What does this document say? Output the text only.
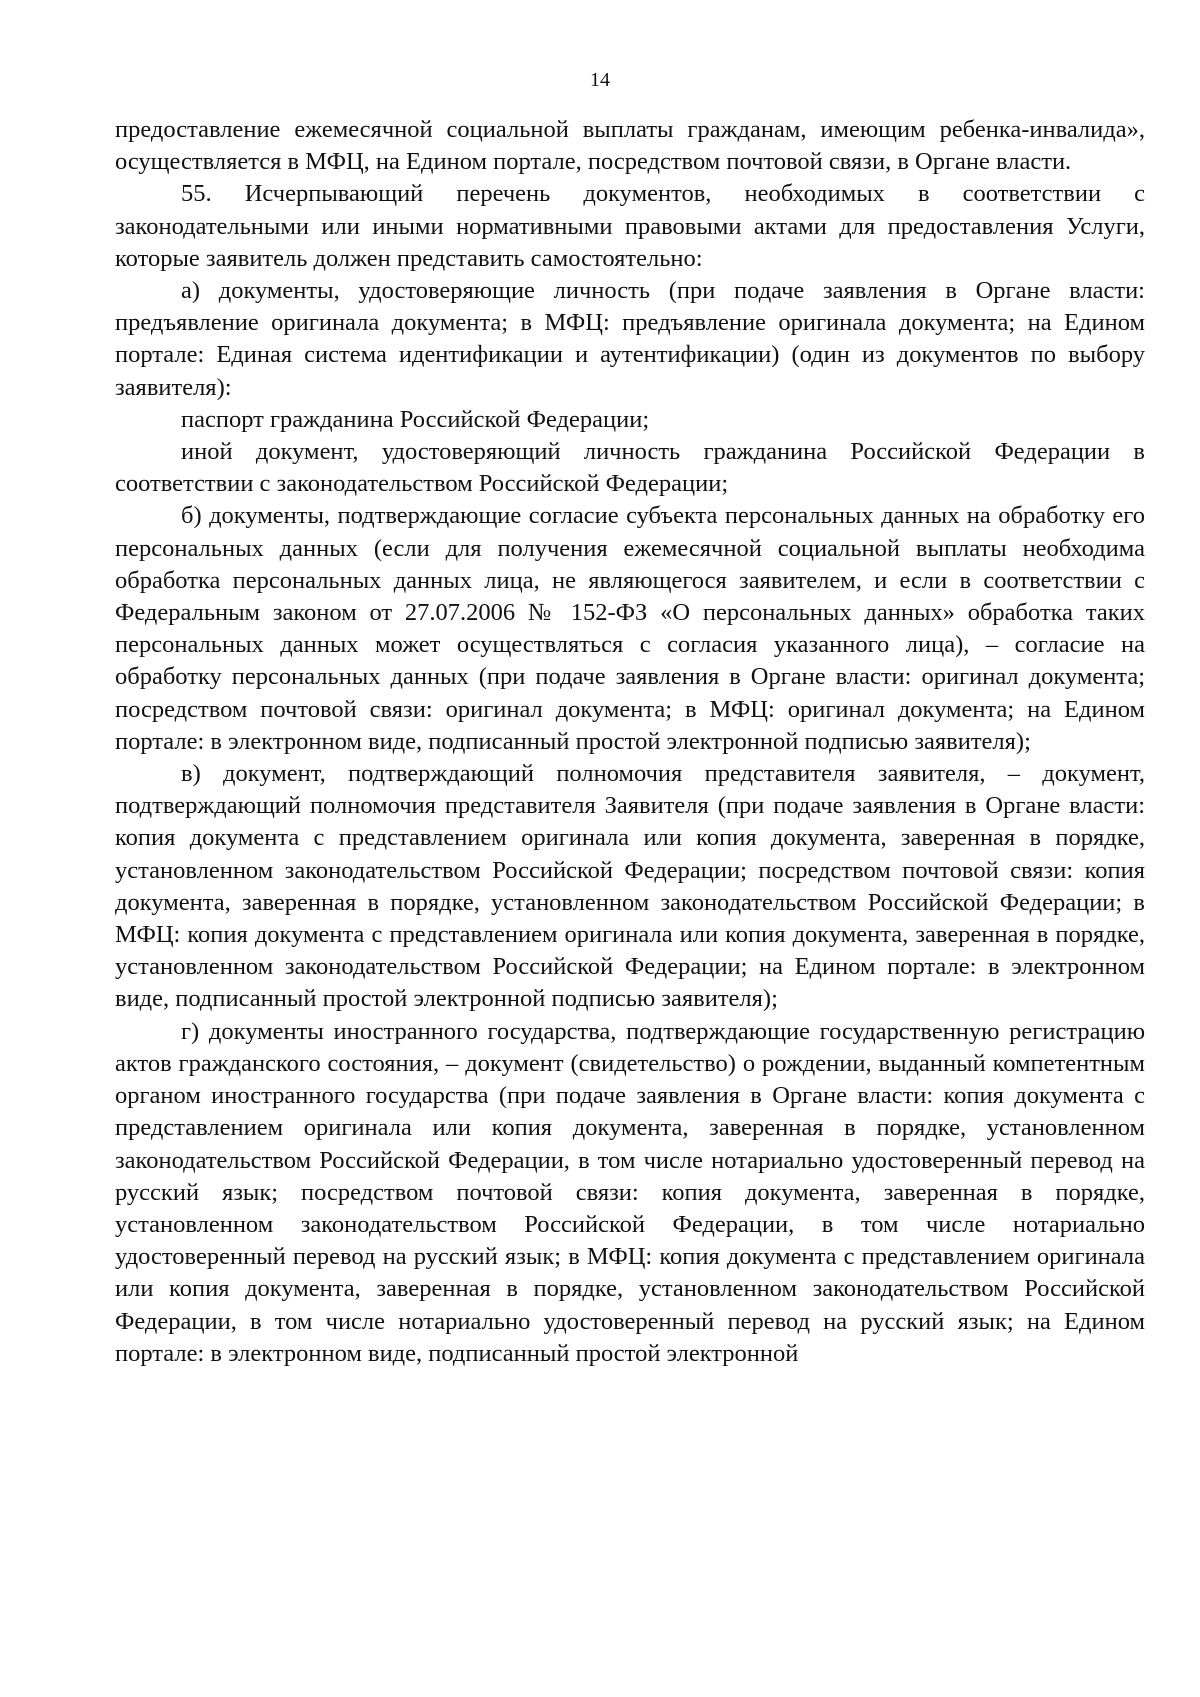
14

предоставление ежемесячной социальной выплаты гражданам, имеющим ребенка-инвалида», осуществляется в МФЦ, на Едином портале, посредством почтовой связи, в Органе власти.

55. Исчерпывающий перечень документов, необходимых в соответствии с законодательными или иными нормативными правовыми актами для предоставления Услуги, которые заявитель должен представить самостоятельно:

а) документы, удостоверяющие личность (при подаче заявления в Органе власти: предъявление оригинала документа; в МФЦ: предъявление оригинала документа; на Едином портале: Единая система идентификации и аутентификации) (один из документов по выбору заявителя):

паспорт гражданина Российской Федерации;

иной документ, удостоверяющий личность гражданина Российской Федерации в соответствии с законодательством Российской Федерации;

б) документы, подтверждающие согласие субъекта персональных данных на обработку его персональных данных (если для получения ежемесячной социальной выплаты необходима обработка персональных данных лица, не являющегося заявителем, и если в соответствии с Федеральным законом от 27.07.2006 № 152-ФЗ «О персональных данных» обработка таких персональных данных может осуществляться с согласия указанного лица), – согласие на обработку персональных данных (при подаче заявления в Органе власти: оригинал документа; посредством почтовой связи: оригинал документа; в МФЦ: оригинал документа; на Едином портале: в электронном виде, подписанный простой электронной подписью заявителя);

в) документ, подтверждающий полномочия представителя заявителя, – документ, подтверждающий полномочия представителя Заявителя (при подаче заявления в Органе власти: копия документа с представлением оригинала или копия документа, заверенная в порядке, установленном законодательством Российской Федерации; посредством почтовой связи: копия документа, заверенная в порядке, установленном законодательством Российской Федерации; в МФЦ: копия документа с представлением оригинала или копия документа, заверенная в порядке, установленном законодательством Российской Федерации; на Едином портале: в электронном виде, подписанный простой электронной подписью заявителя);

г) документы иностранного государства, подтверждающие государственную регистрацию актов гражданского состояния, – документ (свидетельство) о рождении, выданный компетентным органом иностранного государства (при подаче заявления в Органе власти: копия документа с представлением оригинала или копия документа, заверенная в порядке, установленном законодательством Российской Федерации, в том числе нотариально удостоверенный перевод на русский язык; посредством почтовой связи: копия документа, заверенная в порядке, установленном законодательством Российской Федерации, в том числе нотариально удостоверенный перевод на русский язык; в МФЦ: копия документа с представлением оригинала или копия документа, заверенная в порядке, установленном законодательством Российской Федерации, в том числе нотариально удостоверенный перевод на русский язык; на Едином портале: в электронном виде, подписанный простой электронной
